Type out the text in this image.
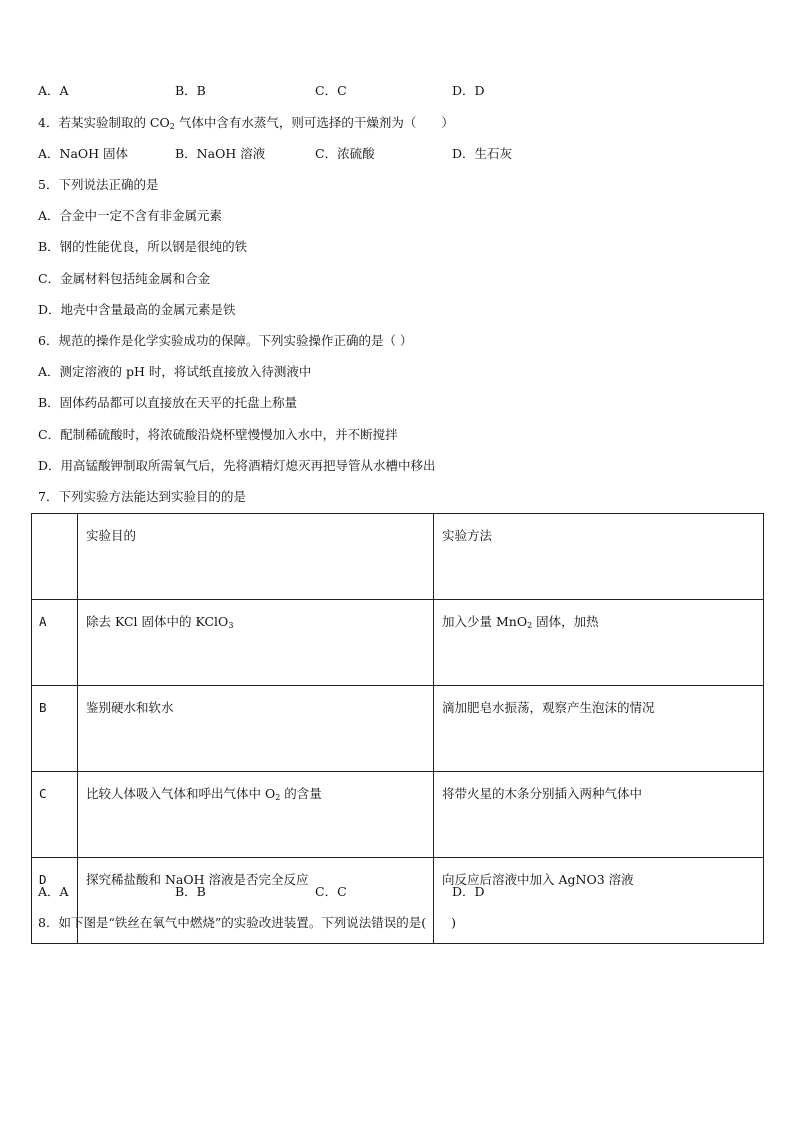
A．A	B．B	C．C	D．D
4．若某实验制取的 $CO_2$ 气体中含有水蒸气，则可选择的干燥剂为（　　）
A．NaOH 固体	B．NaOH 溶液	C．浓硫酸	D．生石灰
5．下列说法正确的是
A．合金中一定不含有非金属元素
B．钢的性能优良，所以钢是很纯的铁
C．金属材料包括纯金属和合金
D．地壳中含量最高的金属元素是铁
6．规范的操作是化学实验成功的保障。下列实验操作正确的是（ ）
A．测定溶液的 pH 时，将试纸直接放入待测液中
B．固体药品都可以直接放在天平的托盘上称量
C．配制稀硫酸时，将浓硫酸沿烧杯壁慢慢加入水中，并不断搅拌
D．用高锰酸钾制取所需氧气后，先将酒精灯熄灭再把导管从水槽中移出
7．下列实验方法能达到实验目的的是
	实验目的	实验方法
A	除去 KCl 固体中的 KClO$_3$	加入少量 MnO$_2$ 固体，加热
B	鉴别硬水和软水	滴加肥皂水振荡，观察产生泡沫的情况
C	比较人体吸入气体和呼出气体中 $O_2$ 的含量	将带火星的木条分别插入两种气体中
D	探究稀盐酸和 NaOH 溶液是否完全反应	向反应后溶液中加入 AgNO3 溶液
A．A	B．B	C．C	D．D
8．如下图是“铁丝在氧气中燃烧”的实验改进装置。下列说法错误的是(　　)
